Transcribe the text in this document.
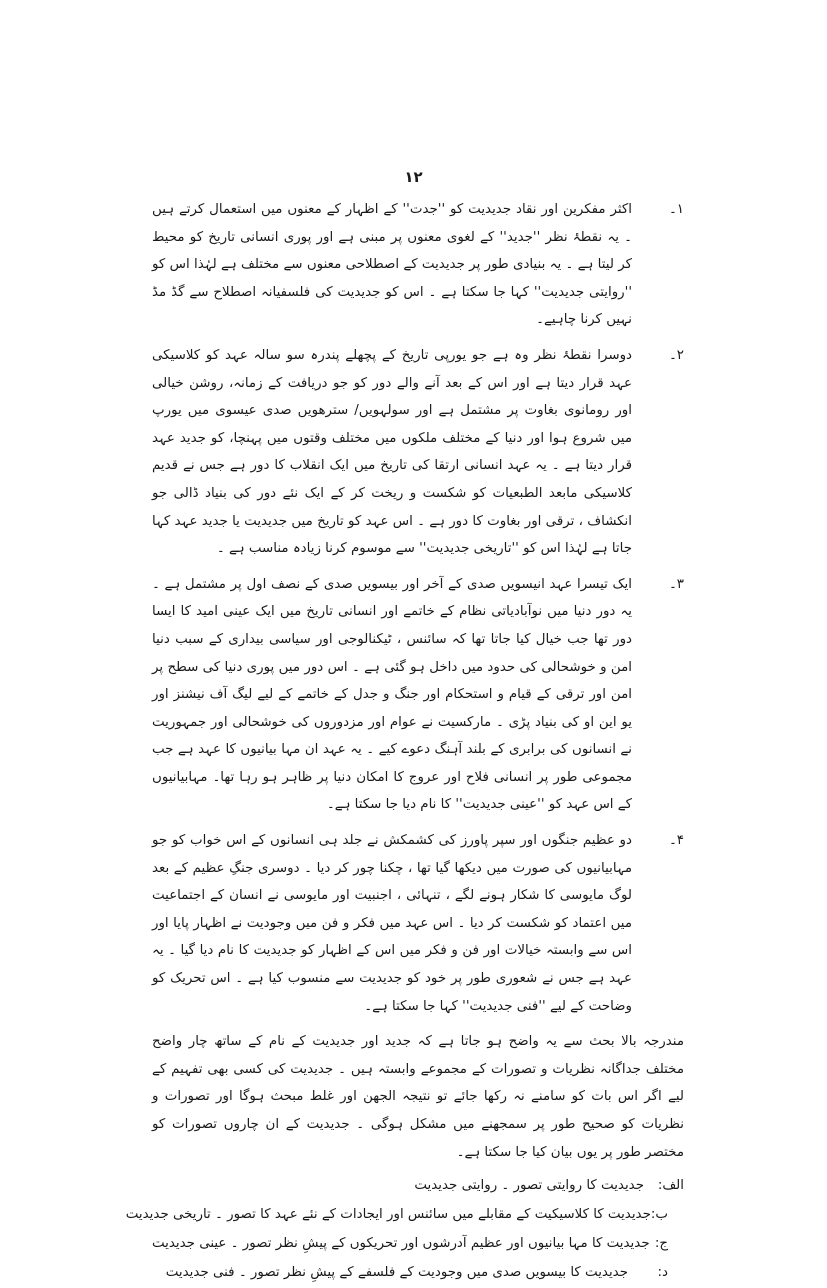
۱۲
۱۔
اکثر مفکرین اور نقاد جدیدیت کو ''جدت'' کے اظہار کے معنوں میں استعمال کرتے ہیں ۔ یہ نقطۂ نظر ''جدید'' کے لغوی معنوں پر مبنی ہے اور پوری انسانی تاریخ کو محیط کر لیتا ہے ۔ یہ بنیادی طور پر جدیدیت کے اصطلاحی معنوں سے مختلف ہے لہٰذا اس کو ''روایتی جدیدیت'' کہا جا سکتا ہے ۔ اس کو جدیدیت کی فلسفیانہ اصطلاح سے گڈ مڈ نہیں کرنا چاہیے۔
۲۔
دوسرا نقطۂ نظر وہ ہے جو یورپی تاریخ کے پچھلے پندرہ سو سالہ عہد کو کلاسیکی عہد قرار دیتا ہے اور اس کے بعد آنے والے دور کو جو دریافت کے زمانہ، روشن خیالی اور رومانوی بغاوت پر مشتمل ہے اور سولہویں/ سترھویں صدی عیسوی میں یورپ میں شروع ہوا اور دنیا کے مختلف ملکوں میں مختلف وقتوں میں پہنچا، کو جدید عہد قرار دیتا ہے ۔ یہ عہد انسانی ارتقا کی تاریخ میں ایک انقلاب کا دور ہے جس نے قدیم کلاسیکی مابعد الطبعیات کو شکست و ریخت کر کے ایک نئے دور کی بنیاد ڈالی جو انکشاف ، ترقی اور بغاوت کا دور ہے ۔ اس عہد کو تاریخ میں جدیدیت یا جدید عہد کہا جاتا ہے لہٰذا اس کو ''تاریخی جدیدیت'' سے موسوم کرنا زیادہ مناسب ہے ۔
۳۔
ایک تیسرا عہد انیسویں صدی کے آخر اور بیسویں صدی کے نصف اول پر مشتمل ہے ۔ یہ دور دنیا میں نوآبادیاتی نظام کے خاتمے اور انسانی تاریخ میں ایک عینی امید کا ایسا دور تھا جب خیال کیا جاتا تھا کہ سائنس ، ٹیکنالوجی اور سیاسی بیداری کے سبب دنیا امن و خوشحالی کی حدود میں داخل ہو گئی ہے ۔ اس دور میں پوری دنیا کی سطح پر امن اور ترقی کے قیام و استحکام اور جنگ و جدل کے خاتمے کے لیے لیگ آف نیشنز اور یو این او کی بنیاد پڑی ۔ مارکسیت نے عوام اور مزدوروں کی خوشحالی اور جمہوریت نے انسانوں کی برابری کے بلند آہنگ دعوے کیے ۔ یہ عہد ان مہا بیانیوں کا عہد ہے جب مجموعی طور پر انسانی فلاح اور عروج کا امکان دنیا پر ظاہر ہو رہا تھا۔ مہابیانیوں کے اس عہد کو ''عینی جدیدیت'' کا نام دیا جا سکتا ہے۔
۴۔
دو عظیم جنگوں اور سپر پاورز کی کشمکش نے جلد ہی انسانوں کے اس خواب کو جو مہابیانیوں کی صورت میں دیکھا گیا تھا ، چکنا چور کر دیا ۔ دوسری جنگِ عظیم کے بعد لوگ مایوسی کا شکار ہونے لگے ، تنہائی ، اجنبیت اور مایوسی نے انسان کے اجتماعیت میں اعتماد کو شکست کر دیا ۔ اس عہد میں فکر و فن میں وجودیت نے اظہار پایا اور اس سے وابستہ خیالات اور فن و فکر میں اس کے اظہار کو جدیدیت کا نام دیا گیا ۔ یہ عہد ہے جس نے شعوری طور پر خود کو جدیدیت سے منسوب کیا ہے ۔ اس تحریک کو وضاحت کے لیے ''فنی جدیدیت'' کہا جا سکتا ہے۔
مندرجہ بالا بحث سے یہ واضح ہو جاتا ہے کہ جدید اور جدیدیت کے نام کے ساتھ چار واضح مختلف جداگانہ نظریات و تصورات کے مجموعے وابستہ ہیں ۔ جدیدیت کی کسی بھی تفہیم کے لیے اگر اس بات کو سامنے نہ رکھا جائے تو نتیجہ الجھن اور غلط مبحث ہوگا اور تصورات و نظریات کو صحیح طور پر سمجھنے میں مشکل ہوگی ۔ جدیدیت کے ان چاروں تصورات کو مختصر طور پر یوں بیان کیا جا سکتا ہے۔
الف:
جدیدیت کا روایتی تصور ۔ روایتی جدیدیت
ب:
جدیدیت کا کلاسیکیت کے مقابلے میں سائنس اور ایجادات کے نئے عہد کا تصور ۔ تاریخی جدیدیت
ج:
جدیدیت کا مہا بیانیوں اور عظیم آدرشوں اور تحریکوں کے پیشِ نظر تصور ۔ عینی جدیدیت
د:
جدیدیت کا بیسویں صدی میں وجودیت کے فلسفے کے پیشِ نظر تصور ۔ فنی جدیدیت
